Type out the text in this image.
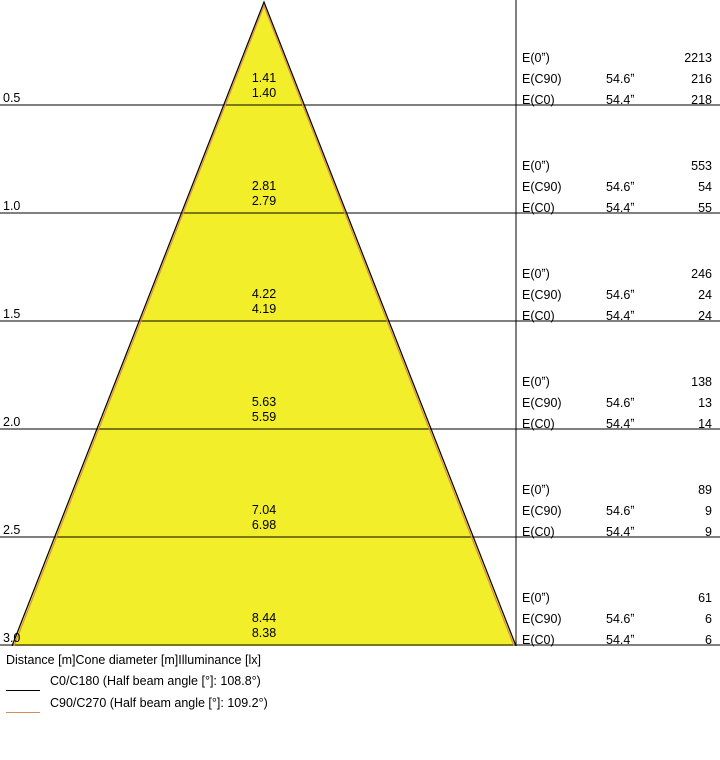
0.5
1.0
1.5
2.0
2.5
3.0
1.41
1.40
2.81
2.79
4.22
4.19
5.63
5.59
7.04
6.98
8.44
8.38
E(0ˮ)	2213
E(C90)	54.6ˮ	216
E(C0)	54.4ˮ	218
E(0ˮ)	553
E(C90)	54.6ˮ	54
E(C0)	54.4ˮ	55
E(0ˮ)	246
E(C90)	54.6ˮ	24
E(C0)	54.4ˮ	24
E(0ˮ)	138
E(C90)	54.6ˮ	13
E(C0)	54.4ˮ	14
E(0ˮ)	89
E(C90)	54.6ˮ	9
E(C0)	54.4ˮ	9
E(0ˮ)	61
E(C90)	54.6ˮ	6
E(C0)	54.4ˮ	6
Distance [m]Cone diameter [m]Illuminance [lx]

C0/C180 (Half beam angle [°]: 108.8°)

C90/C270 (Half beam angle [°]: 109.2°)
